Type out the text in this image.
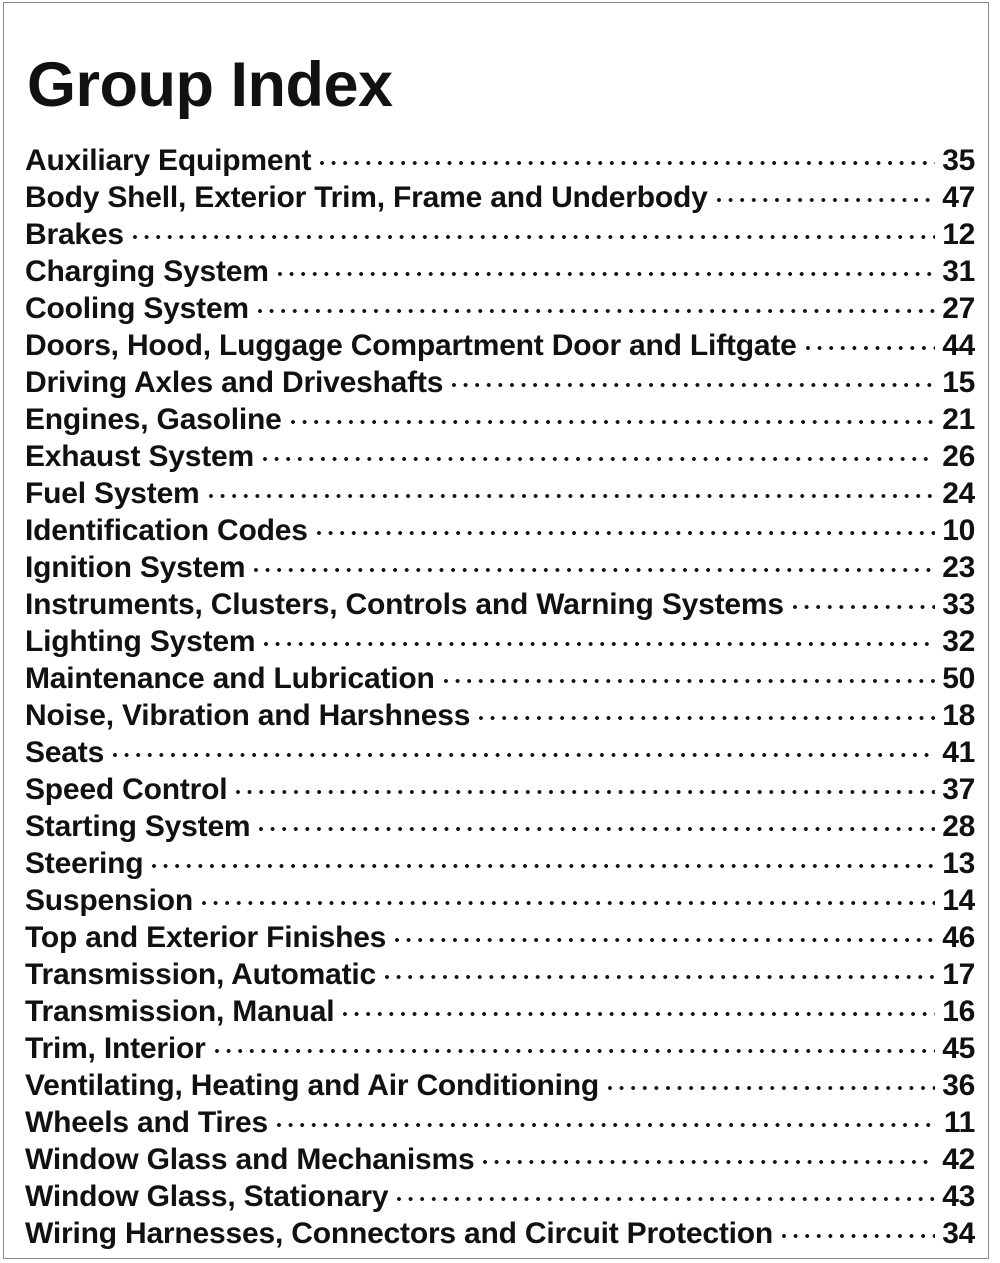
Group Index
Auxiliary Equipment	35
Body Shell, Exterior Trim, Frame and Underbody	47
Brakes	12
Charging System	31
Cooling System	27
Doors, Hood, Luggage Compartment Door and Liftgate	44
Driving Axles and Driveshafts	15
Engines, Gasoline	21
Exhaust System	26
Fuel System	24
Identification Codes	10
Ignition System	23
Instruments, Clusters, Controls and Warning Systems	33
Lighting System	32
Maintenance and Lubrication	50
Noise, Vibration and Harshness	18
Seats	41
Speed Control	37
Starting System	28
Steering	13
Suspension	14
Top and Exterior Finishes	46
Transmission, Automatic	17
Transmission, Manual	16
Trim, Interior	45
Ventilating, Heating and Air Conditioning	36
Wheels and Tires	11
Window Glass and Mechanisms	42
Window Glass, Stationary	43
Wiring Harnesses, Connectors and Circuit Protection	34
